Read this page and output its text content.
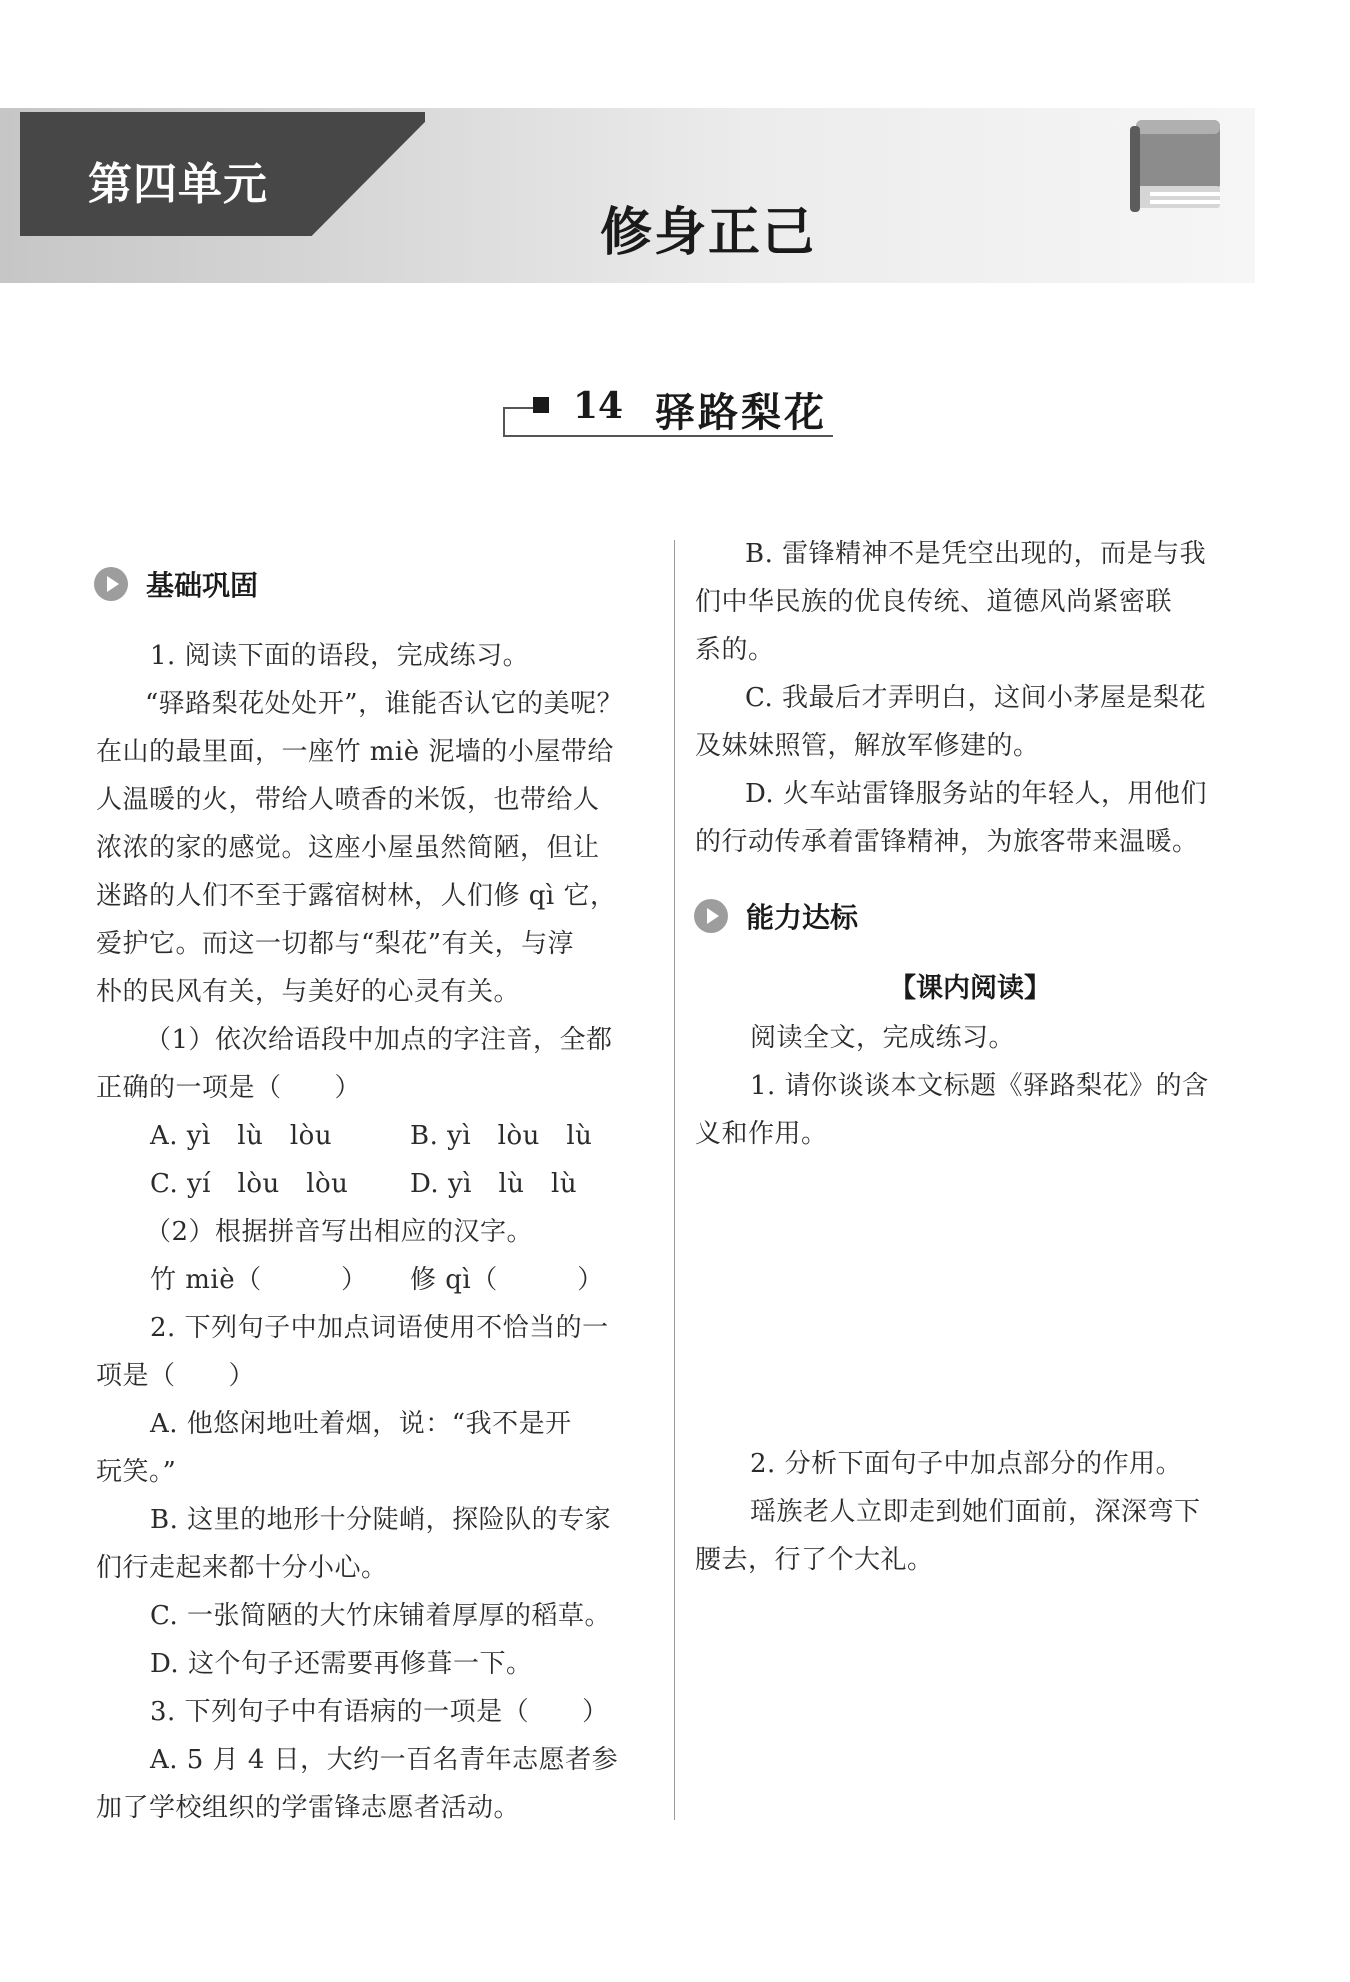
第四单元
修身正己
14 驿路梨花
基础巩固

1. 阅读下面的语段，完成练习。

“驿路梨花处处开”，谁能否认它的美呢？

在山的最里面，一座竹 miè 泥墙的小屋带给

人温暖的火，带给人喷香的米饭，也带给人

浓浓的家的感觉。这座小屋虽然简陋，但让

迷路的人们不至于露宿树林，人们修 qì 它，

爱护它。而这一切都与“梨花”有关，与淳

朴的民风有关，与美好的心灵有关。

（1）依次给语段中加点的字注音，全都

正确的一项是（　　）

A. yì　lù　lòu	B. yì　lòu　lù

C. yí　lòu　lòu D. yì　lù　lù

（2）根据拼音写出相应的汉字。

竹 miè（　　　） 修 qì（　　　）

2. 下列句子中加点词语使用不恰当的一

项是（　　）

A. 他悠闲地吐着烟，说：“我不是开

玩笑。”

B. 这里的地形十分陡峭，探险队的专家

们行走起来都十分小心。

C. 一张简陋的大竹床铺着厚厚的稻草。

D. 这个句子还需要再修葺一下。

3. 下列句子中有语病的一项是（　　）

A. 5 月 4 日，大约一百名青年志愿者参

加了学校组织的学雷锋志愿者活动。

B. 雷锋精神不是凭空出现的，而是与我

们中华民族的优良传统、道德风尚紧密联

系的。

C. 我最后才弄明白，这间小茅屋是梨花

及妹妹照管，解放军修建的。

D. 火车站雷锋服务站的年轻人，用他们

的行动传承着雷锋精神，为旅客带来温暖。

能力达标
【课内阅读】

阅读全文，完成练习。

1. 请你谈谈本文标题《驿路梨花》的含

义和作用。

2. 分析下面句子中加点部分的作用。

瑶族老人立即走到她们面前，深深弯下

腰去，行了个大礼。
